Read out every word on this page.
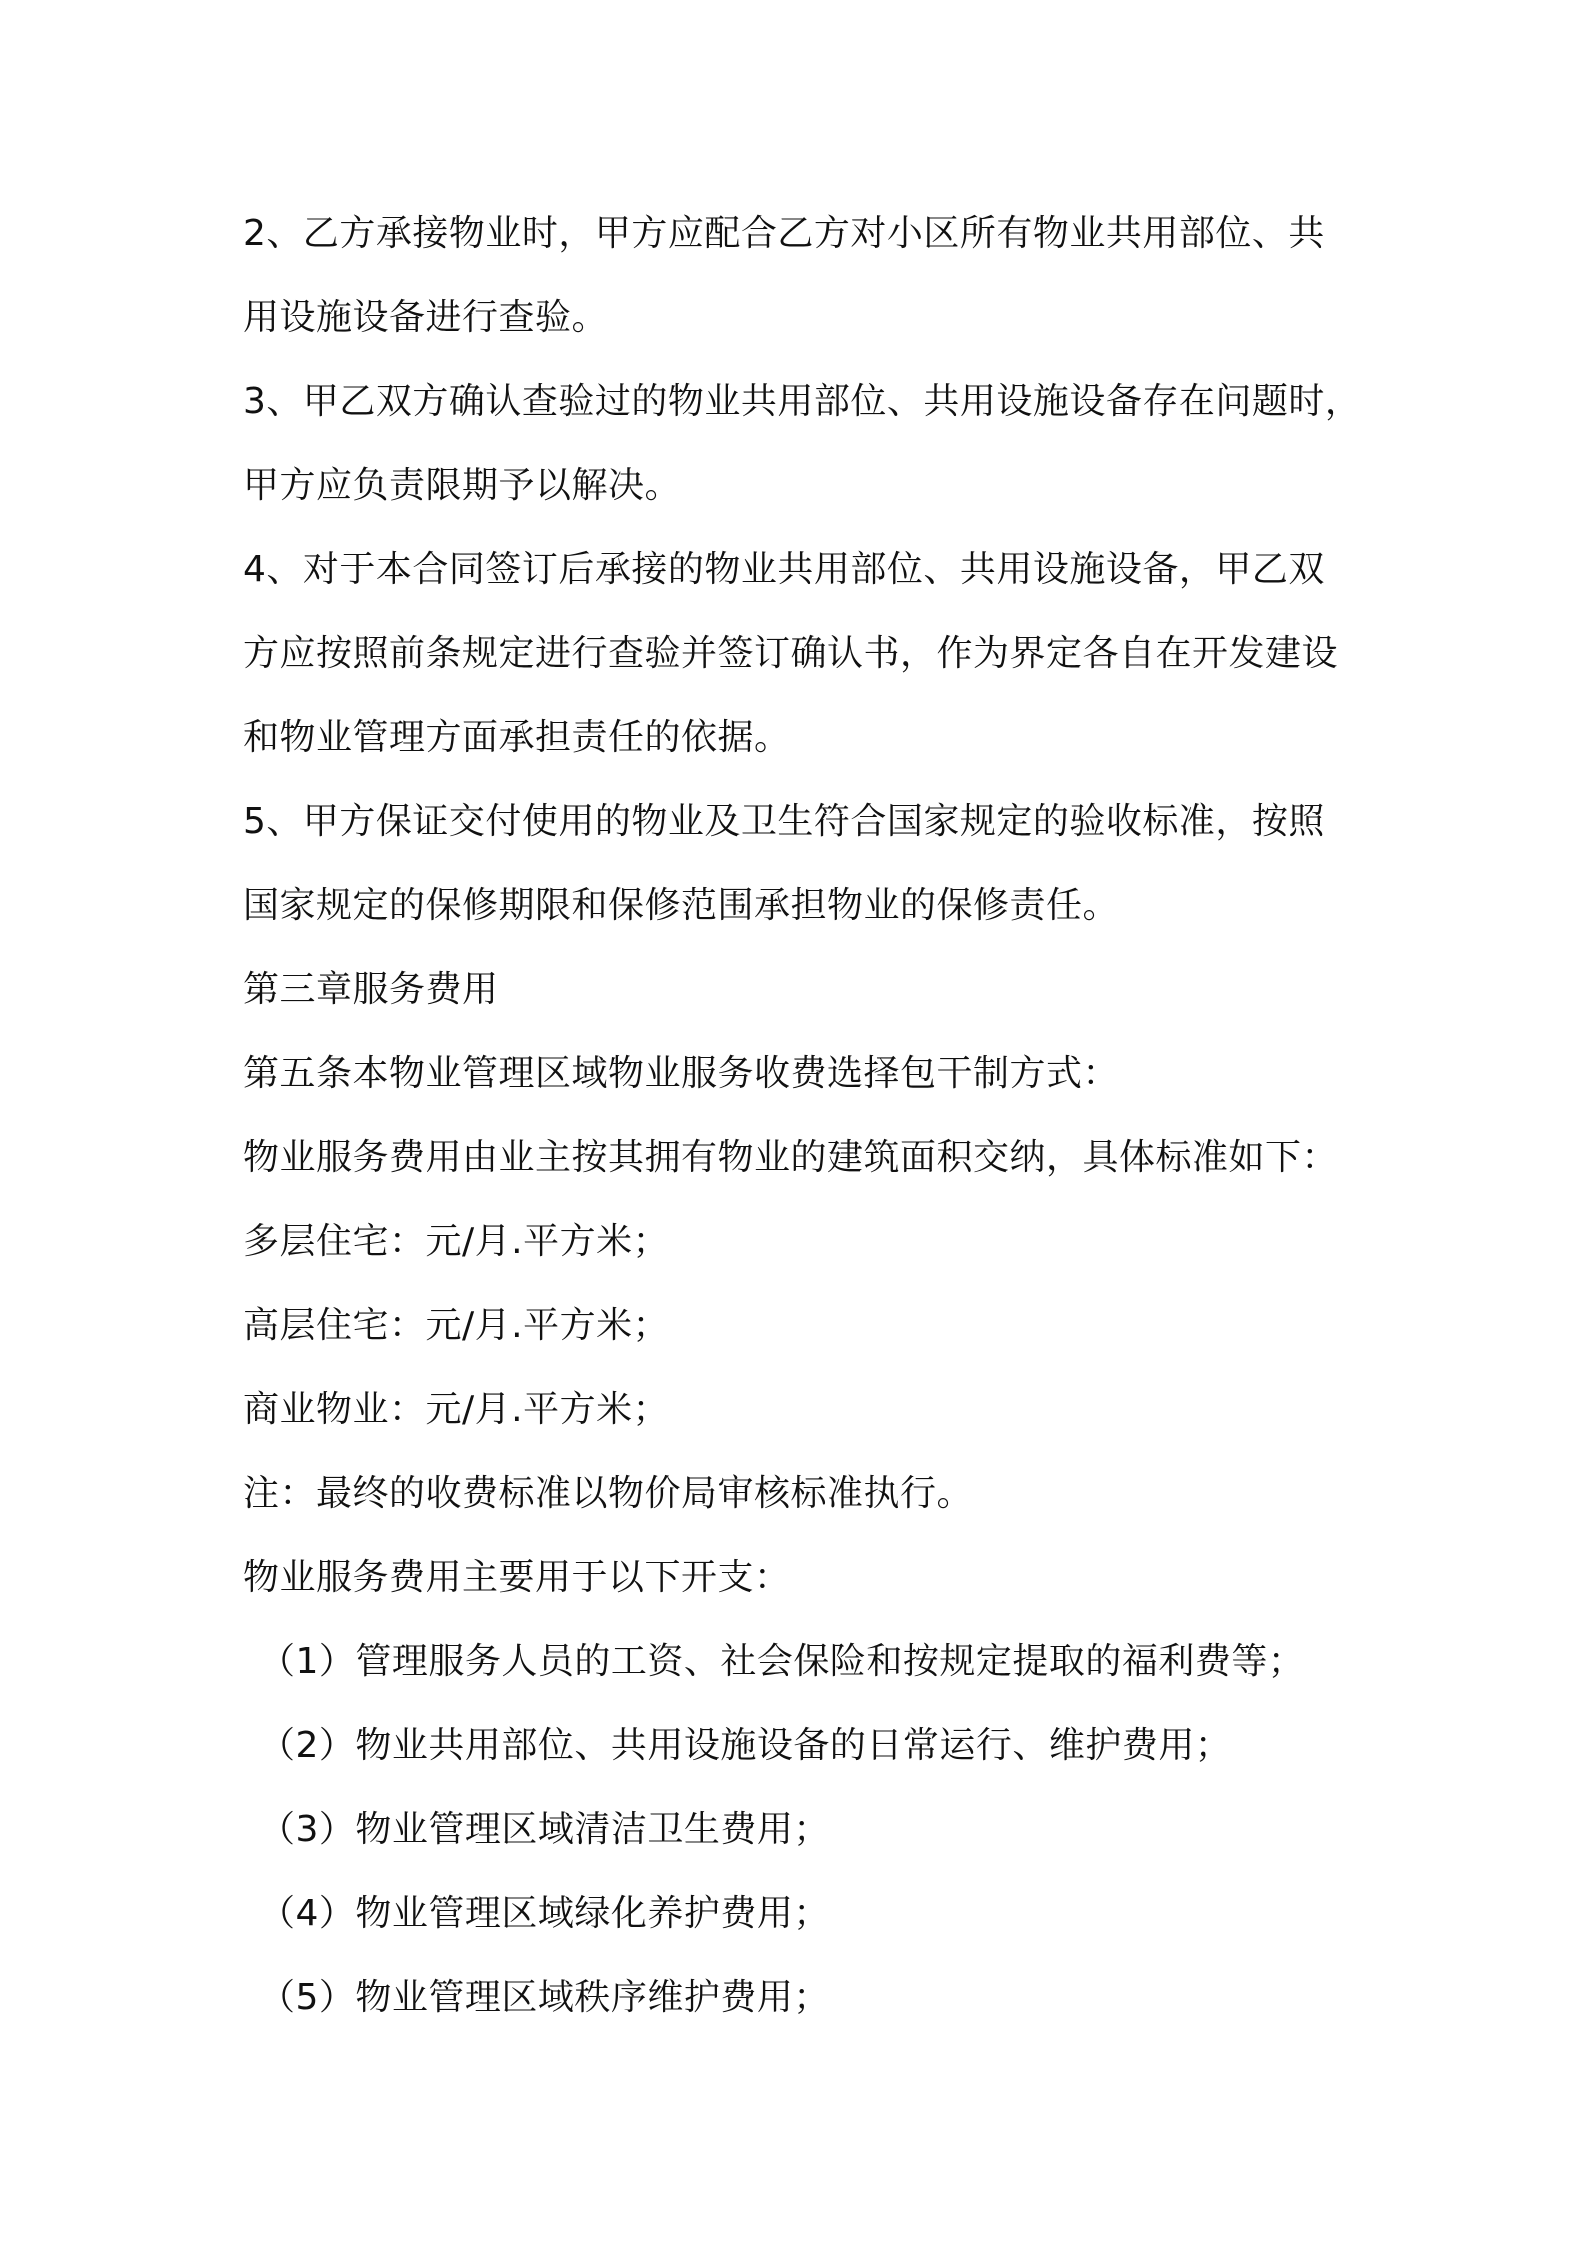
2、乙方承接物业时，甲方应配合乙方对小区所有物业共用部位、共
用设施设备进行查验。
3、甲乙双方确认查验过的物业共用部位、共用设施设备存在问题时，
甲方应负责限期予以解决。
4、对于本合同签订后承接的物业共用部位、共用设施设备，甲乙双
方应按照前条规定进行查验并签订确认书，作为界定各自在开发建设
和物业管理方面承担责任的依据。
5、甲方保证交付使用的物业及卫生符合国家规定的验收标准，按照
国家规定的保修期限和保修范围承担物业的保修责任。
第三章服务费用
第五条本物业管理区域物业服务收费选择包干制方式：
物业服务费用由业主按其拥有物业的建筑面积交纳，具体标准如下：
多层住宅：元/月.平方米；
高层住宅：元/月.平方米；
商业物业：元/月.平方米；
注：最终的收费标准以物价局审核标准执行。
物业服务费用主要用于以下开支：
（1）管理服务人员的工资、社会保险和按规定提取的福利费等；
（2）物业共用部位、共用设施设备的日常运行、维护费用；
（3）物业管理区域清洁卫生费用；
（4）物业管理区域绿化养护费用；
（5）物业管理区域秩序维护费用；
